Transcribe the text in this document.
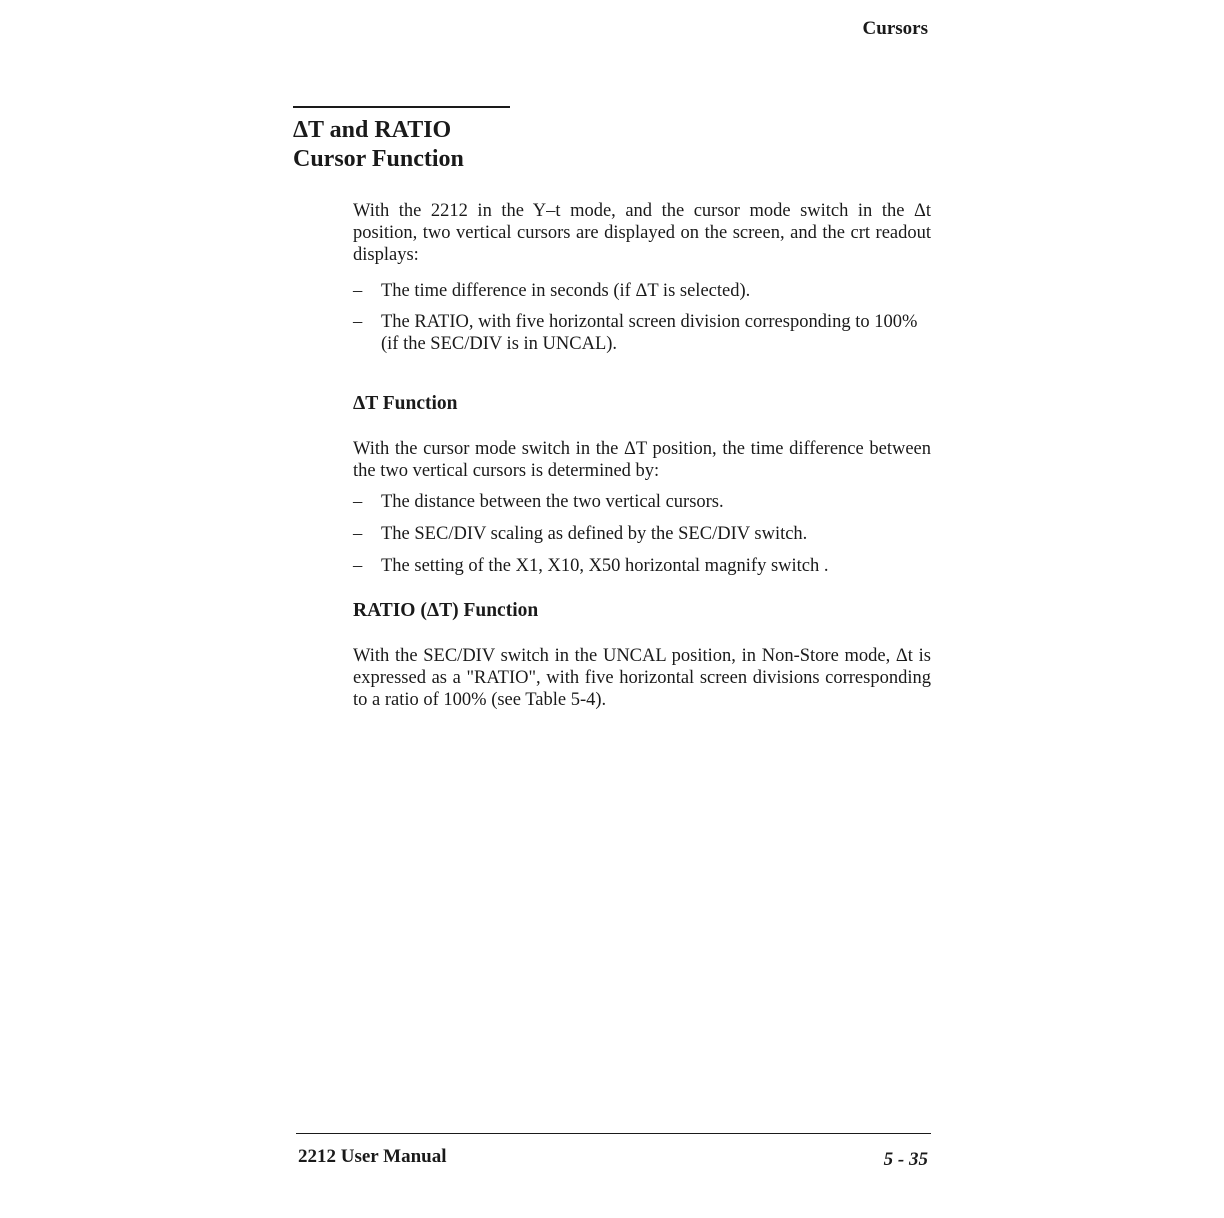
Cursors
ΔT and RATIO
Cursor Function

With the 2212 in the Y–t mode, and the cursor mode switch in the Δt position, two vertical cursors are displayed on the screen, and the crt readout displays:

– The time difference in seconds (if ΔT is selected).
– The RATIO, with five horizontal screen division corresponding to 100%(if the SEC/DIV is in UNCAL).
ΔT Function

With the cursor mode switch in the ΔT position, the time difference between the two vertical cursors is determined by:

– The distance between the two vertical cursors.
– The SEC/DIV scaling as defined by the SEC/DIV switch.
– The setting of the X1, X10, X50 horizontal magnify switch .
RATIO (ΔT) Function

With the SEC/DIV switch in the UNCAL position, in Non-Store mode, Δt is expressed as a "RATIO", with five horizontal screen divisions corresponding to a ratio of 100% (see Table 5-4).

2212 User Manual	5 - 35
